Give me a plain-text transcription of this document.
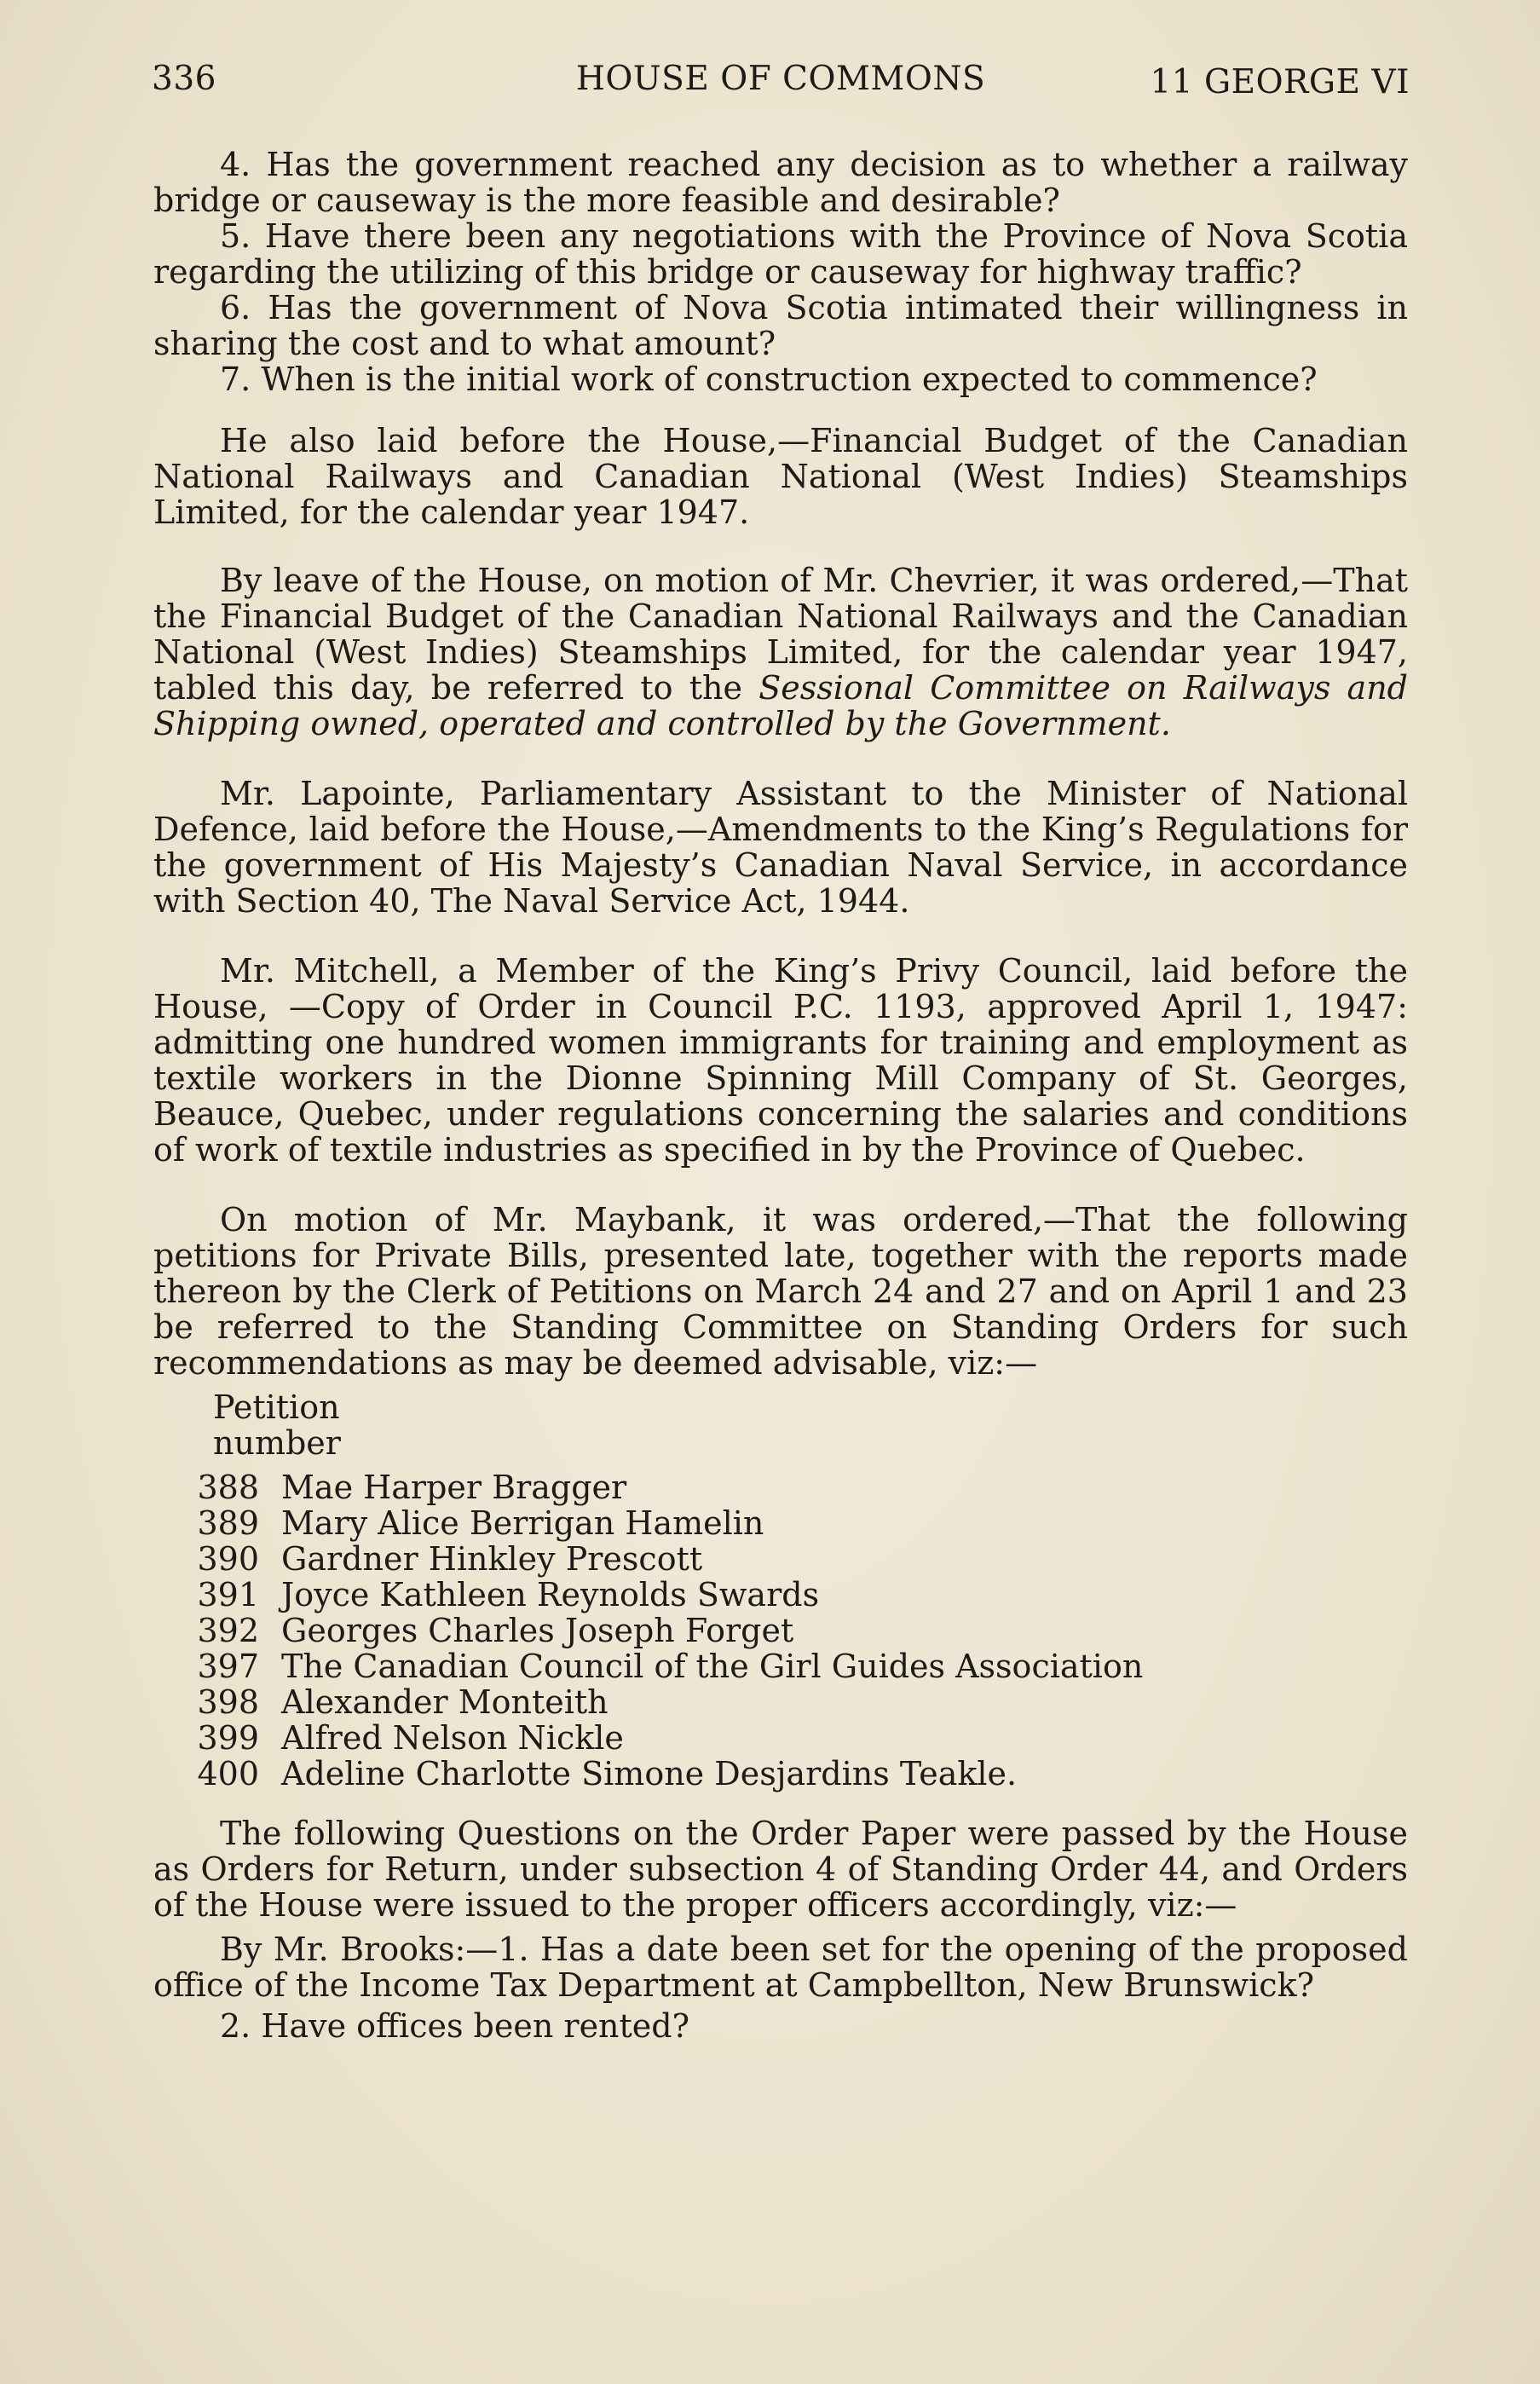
336	HOUSE OF COMMONS	11 GEORGE VI

4. Has the government reached any decision as to whether a railway bridge or causeway is the more feasible and desirable?

5. Have there been any negotiations with the Province of Nova Scotia regarding the utilizing of this bridge or causeway for highway traffic?

6. Has the government of Nova Scotia intimated their willingness in sharing the cost and to what amount?

7. When is the initial work of construction expected to commence?

He also laid before the House,—Financial Budget of the Canadian National Railways and Canadian National (West Indies) Steamships Limited, for the calendar year 1947.

By leave of the House, on motion of Mr. Chevrier, it was ordered,—That the Financial Budget of the Canadian National Railways and the Canadian National (West Indies) Steamships Limited, for the calendar year 1947, tabled this day, be referred to the Sessional Committee on Railways and Shipping owned, operated and controlled by the Government.

Mr. Lapointe, Parliamentary Assistant to the Minister of National Defence, laid before the House,—Amendments to the King’s Regulations for the government of His Majesty’s Canadian Naval Service, in accordance with Section 40, The Naval Service Act, 1944.

Mr. Mitchell, a Member of the King’s Privy Council, laid before the House, —Copy of Order in Council P.C. 1193, approved April 1, 1947: admitting one hundred women immigrants for training and employment as textile workers in the Dionne Spinning Mill Company of St. Georges, Beauce, Quebec, under regulations concerning the salaries and conditions of work of textile industries as specified in by the Province of Quebec.

On motion of Mr. Maybank, it was ordered,—That the following petitions for Private Bills, presented late, together with the reports made thereon by the Clerk of Petitions on March 24 and 27 and on April 1 and 23 be referred to the Standing Committee on Standing Orders for such recommendations as may be deemed advisable, viz:—

Petition
number
388 Mae Harper Bragger
389 Mary Alice Berrigan Hamelin
390 Gardner Hinkley Prescott
391 Joyce Kathleen Reynolds Swards
392 Georges Charles Joseph Forget
397 The Canadian Council of the Girl Guides Association
398 Alexander Monteith
399 Alfred Nelson Nickle
400 Adeline Charlotte Simone Desjardins Teakle.

The following Questions on the Order Paper were passed by the House as Orders for Return, under subsection 4 of Standing Order 44, and Orders of the House were issued to the proper officers accordingly, viz:—

By Mr. Brooks:—1. Has a date been set for the opening of the proposed office of the Income Tax Department at Campbellton, New Brunswick?

2. Have offices been rented?
